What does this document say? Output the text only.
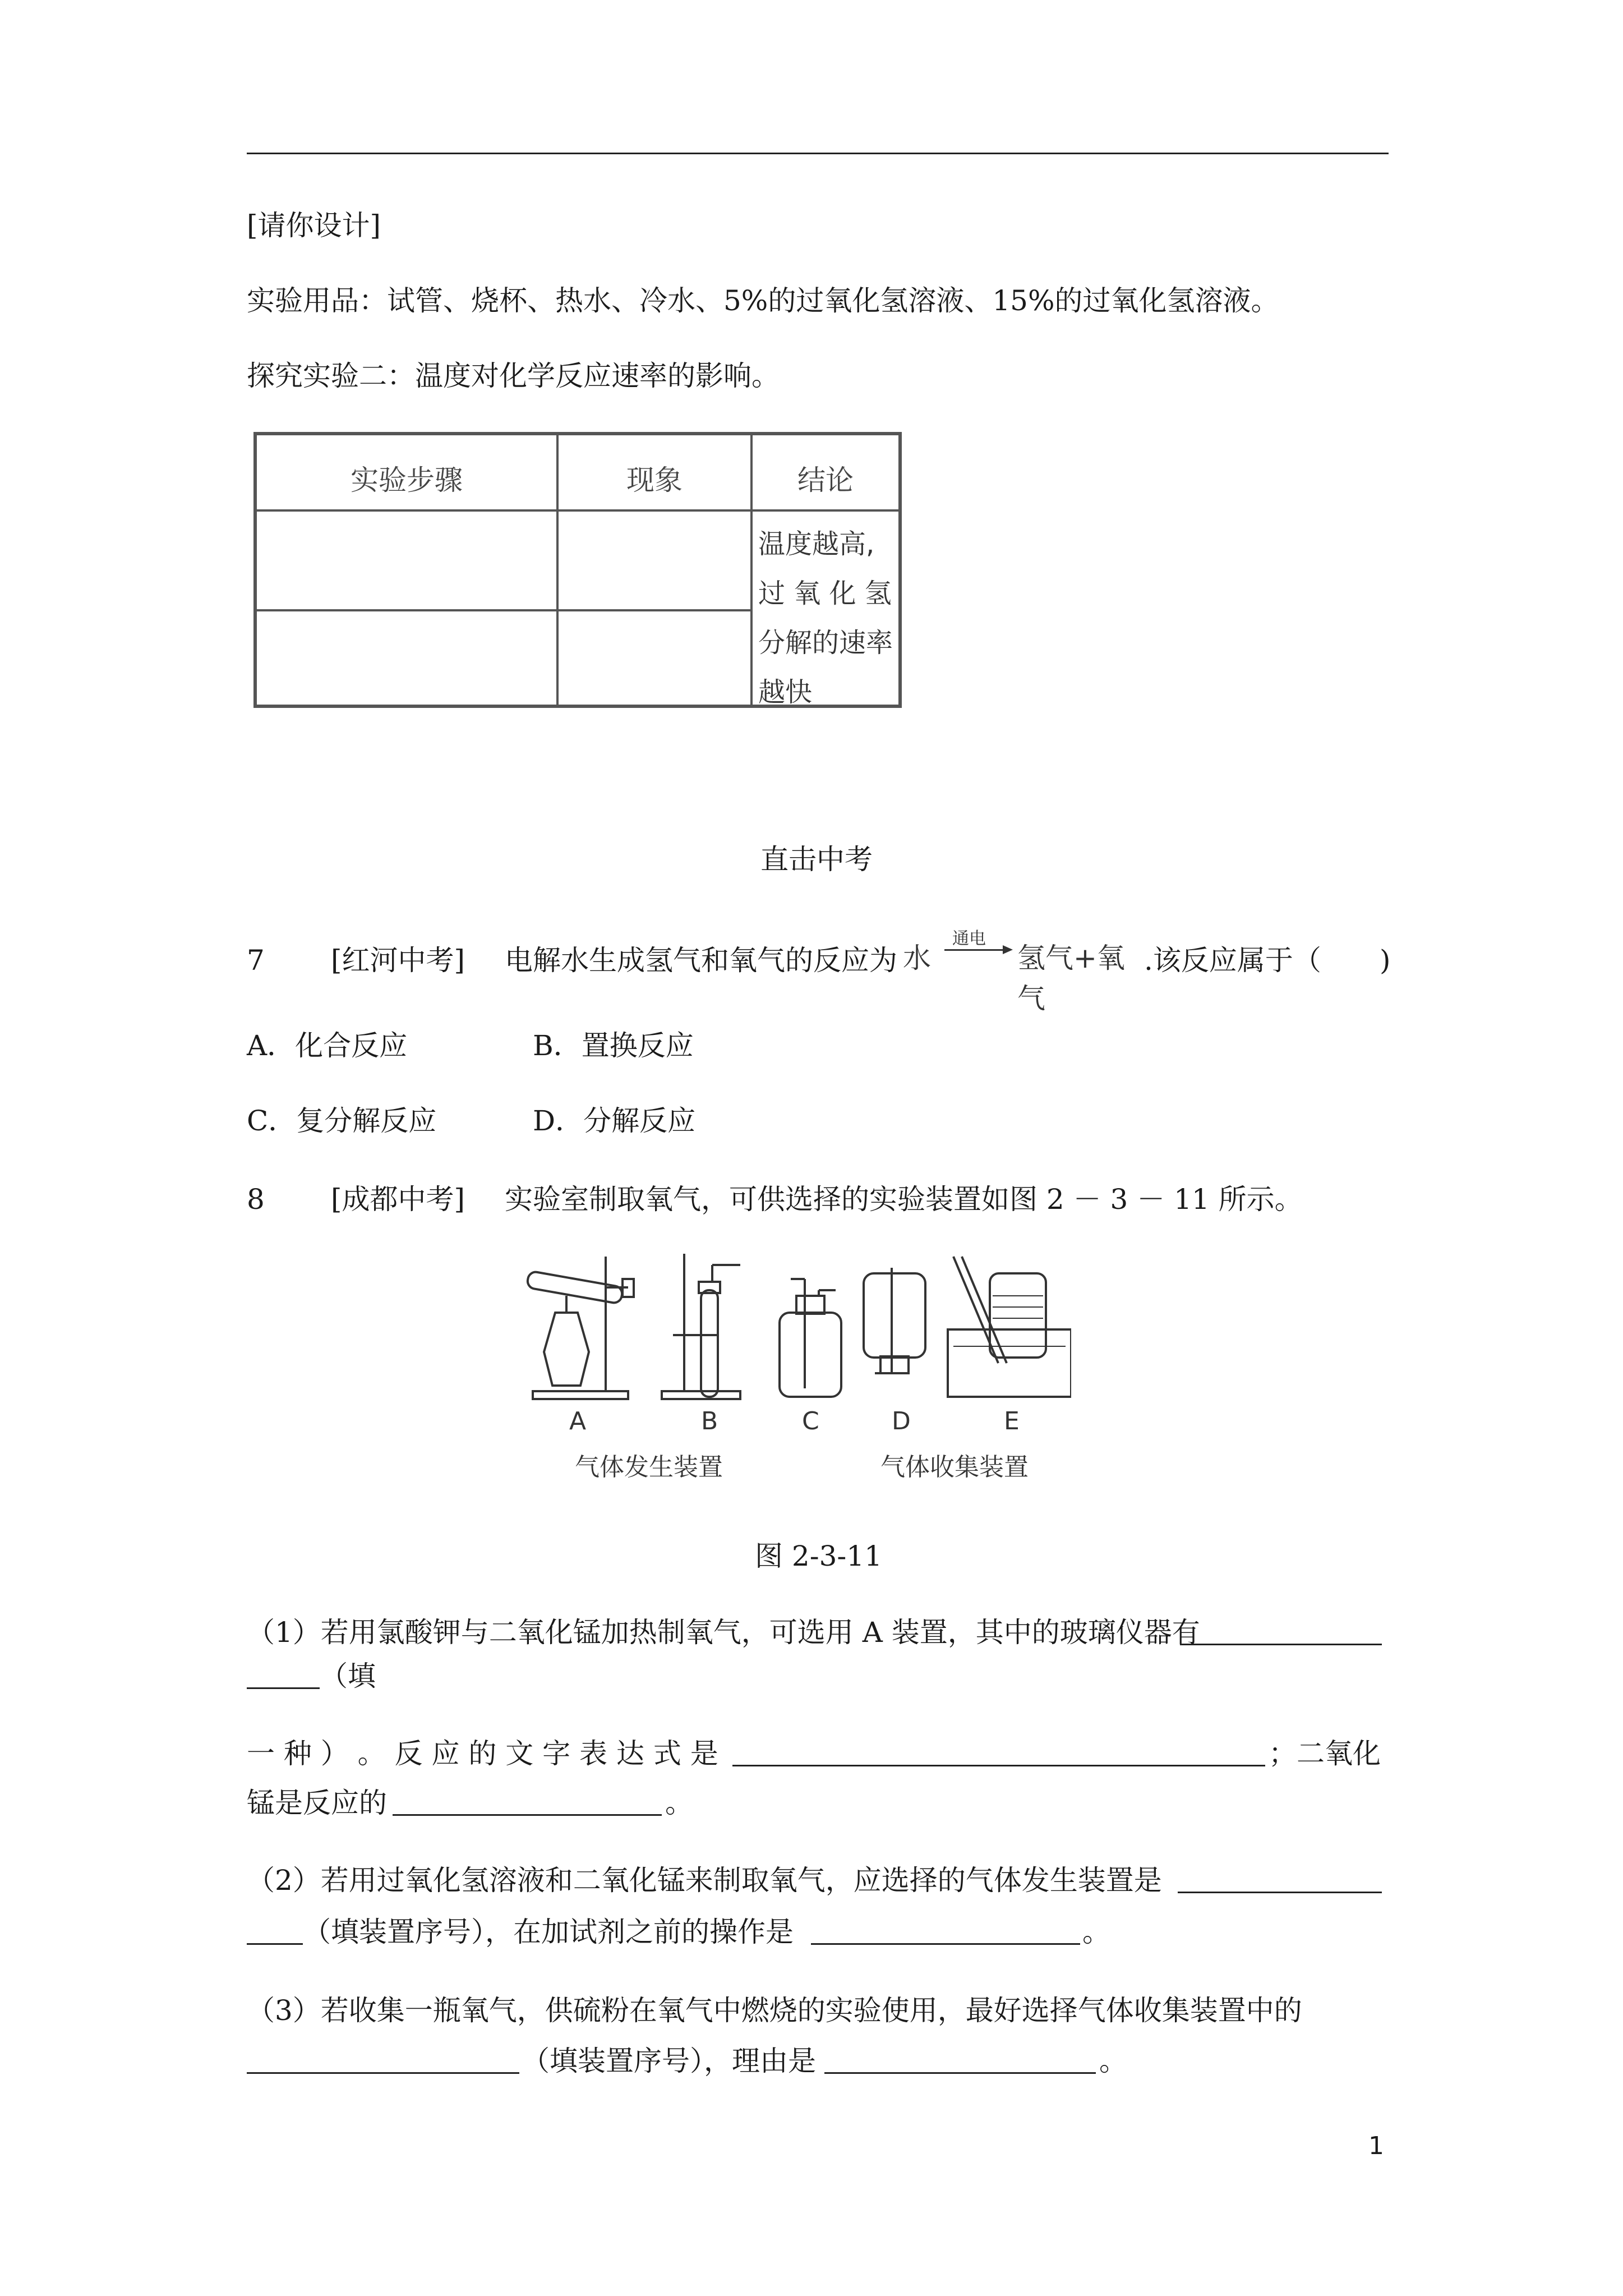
[请你设计]
实验用品：试管、烧杯、热水、冷水、5%的过氧化氢溶液、15%的过氧化氢溶液。
探究实验二：温度对化学反应速率的影响。
实验步骤	现象	结论
温度越高,
过 氧 化 氢
分解的速率
越快
直击中考
7 [红河中考] 电解水生成氢气和氧气的反应为 水
通电
氢气+氧气
.该反应属于（ )
A．化合反应	B．置换反应
C．复分解反应	D．分解反应
8 [成都中考] 实验室制取氧气，可供选择的实验装置如图 2 － 3 － 11 所示。
A	B	C	D	E
气体发生装置	气体收集装置
图 2-3-11
（1）若用氯酸钾与二氧化锰加热制氧气，可选用 A 装置，其中的玻璃仪器有
（填
一 种 ） 。 反 应 的 文 字 表 达 式 是	；二氧化
锰是反应的	。
（2）若用过氧化氢溶液和二氧化锰来制取氧气，应选择的气体发生装置是
（填装置序号），在加试剂之前的操作是	。
（3）若收集一瓶氧气，供硫粉在氧气中燃烧的实验使用，最好选择气体收集装置中的
（填装置序号），理由是	。
1
